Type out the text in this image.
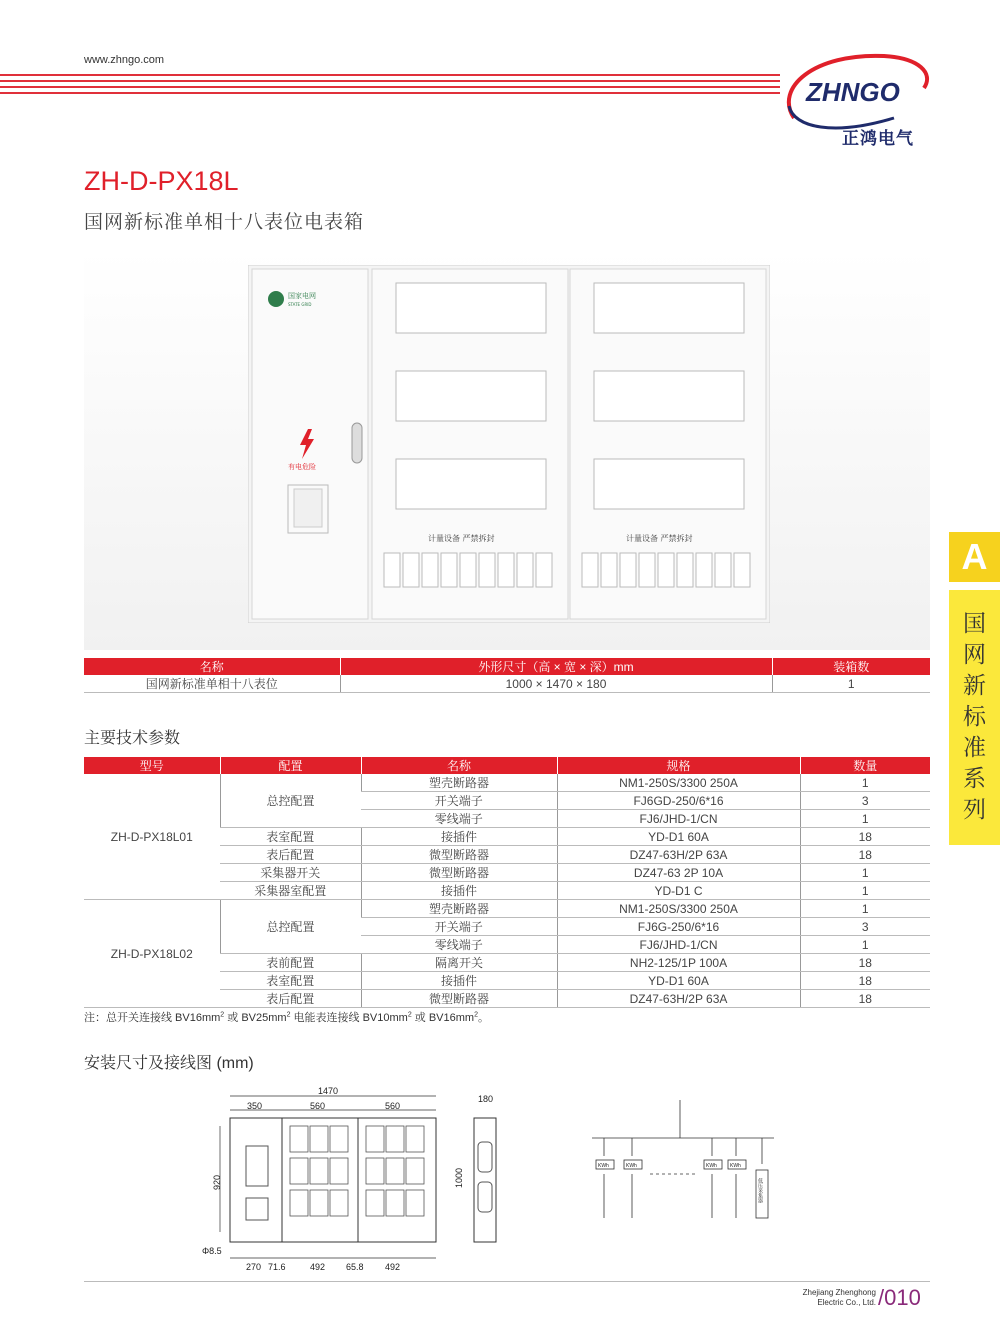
www.zhngo.com
ZHNGO
正鸿电气
ZH-D-PX18L
国网新标准单相十八表位电表箱
A
国
网
新
标
准
系
列
国家电网
STATE GRID
有电危险
计量设备 严禁拆封	计量设备 严禁拆封
名称	外形尺寸（高 × 宽 × 深）mm	装箱数
国网新标准单相十八表位	1000 × 1470 × 180	1
主要技术参数
型号	配置	名称	规格	数量
ZH-D-PX18L01	总控配置	塑壳断路器	NM1-250S/3300 250A	1
		开关端子	FJ6GD-250/6*16	3
		零线端子	FJ6/JHD-1/CN	1
	表室配置	接插件	YD-D1 60A	18
	表后配置	微型断路器	DZ47-63H/2P 63A	18
	采集器开关	微型断路器	DZ47-63 2P 10A	1
	采集器室配置	接插件	YD-D1 C	1
ZH-D-PX18L02	总控配置	塑壳断路器	NM1-250S/3300 250A	1
		开关端子	FJ6G-250/6*16	3
		零线端子	FJ6/JHD-1/CN	1
	表前配置	隔离开关	NH2-125/1P 100A	18
	表室配置	接插件	YD-D1 60A	18
	表后配置	微型断路器	DZ47-63H/2P 63A	18
注：总开关连接线 $BV16mm^2$ 或 $BV25mm^2$ 电能表连接线 $BV10mm^2$ 或 $BV16mm^2$。
安装尺寸及接线图 (mm)
1470
350	560	560
920
Φ8.5
270 71.6	492 65.8 492
180
1000
KWh	KWh	KWh	KWh
低压采集器
Zhejiang Zhenghong
Electric Co., Ltd. /010
